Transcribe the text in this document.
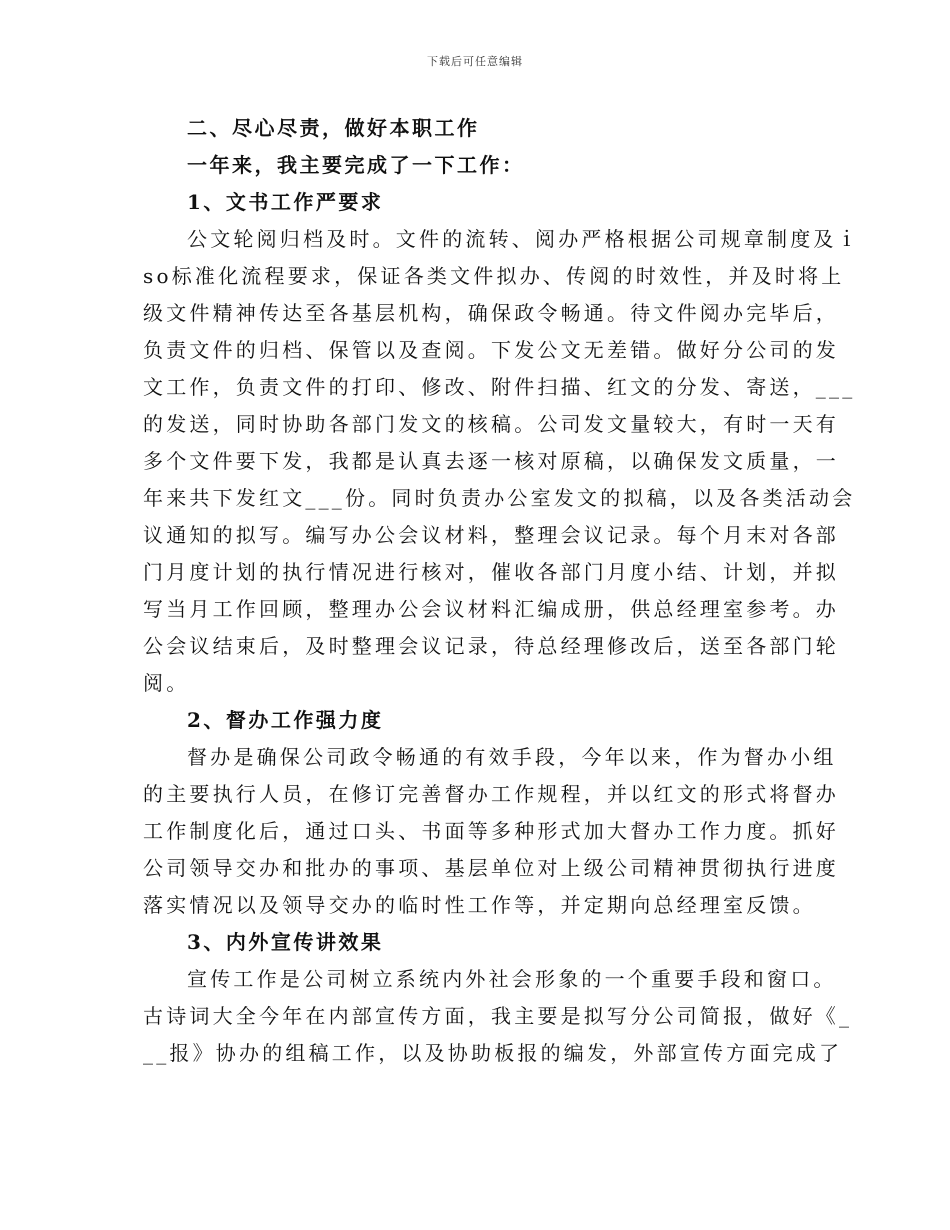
下载后可任意编辑
二、尽心尽责，做好本职工作
一年来，我主要完成了一下工作：
1、文书工作严要求
公文轮阅归档及时。文件的流转、阅办严格根据公司规章制度及ｉ
so标准化流程要求，保证各类文件拟办、传阅的时效性，并及时将上
级文件精神传达至各基层机构，确保政令畅通。待文件阅办完毕后，
负责文件的归档、保管以及查阅。下发公文无差错。做好分公司的发
文工作，负责文件的打印、修改、附件扫描、红文的分发、寄送，___
的发送，同时协助各部门发文的核稿。公司发文量较大，有时一天有
多个文件要下发，我都是认真去逐一核对原稿，以确保发文质量，一
年来共下发红文___份。同时负责办公室发文的拟稿，以及各类活动会
议通知的拟写。编写办公会议材料，整理会议记录。每个月末对各部
门月度计划的执行情况进行核对，催收各部门月度小结、计划，并拟
写当月工作回顾，整理办公会议材料汇编成册，供总经理室参考。办
公会议结束后，及时整理会议记录，待总经理修改后，送至各部门轮
阅。
2、督办工作强力度
督办是确保公司政令畅通的有效手段，今年以来，作为督办小组
的主要执行人员，在修订完善督办工作规程，并以红文的形式将督办
工作制度化后，通过口头、书面等多种形式加大督办工作力度。抓好
公司领导交办和批办的事项、基层单位对上级公司精神贯彻执行进度
落实情况以及领导交办的临时性工作等，并定期向总经理室反馈。
3、内外宣传讲效果
宣传工作是公司树立系统内外社会形象的一个重要手段和窗口。
古诗词大全今年在内部宣传方面，我主要是拟写分公司简报，做好《_
__报》协办的组稿工作，以及协助板报的编发，外部宣传方面完成了
